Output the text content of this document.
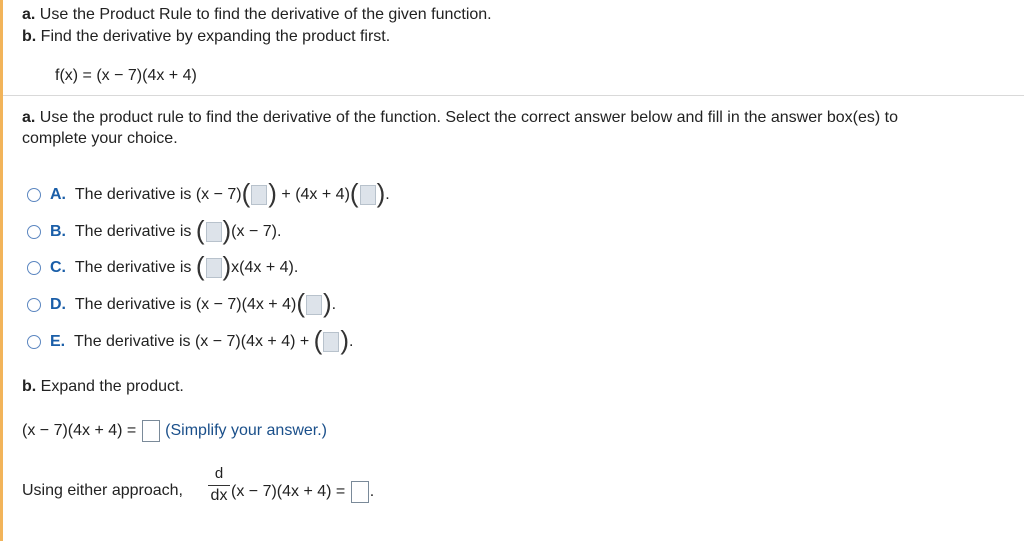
a. Use the Product Rule to find the derivative of the given function.
b. Find the derivative by expanding the product first.
f(x) = (x − 7)(4x + 4)
a. Use the product rule to find the derivative of the function. Select the correct answer below and fill in the answer box(es) to
complete your choice.
A. The derivative is (x − 7)( ) + (4x + 4)( ).
B. The derivative is ( )(x − 7).
C. The derivative is ( )x(4x + 4).
D. The derivative is (x − 7)(4x + 4)( ).
E. The derivative is (x − 7)(4x + 4) + ( ).
b. Expand the product.
(x − 7)(4x + 4) = (Simplify your answer.)
Using either approach,
d
dx (x − 7)(4x + 4) = .
